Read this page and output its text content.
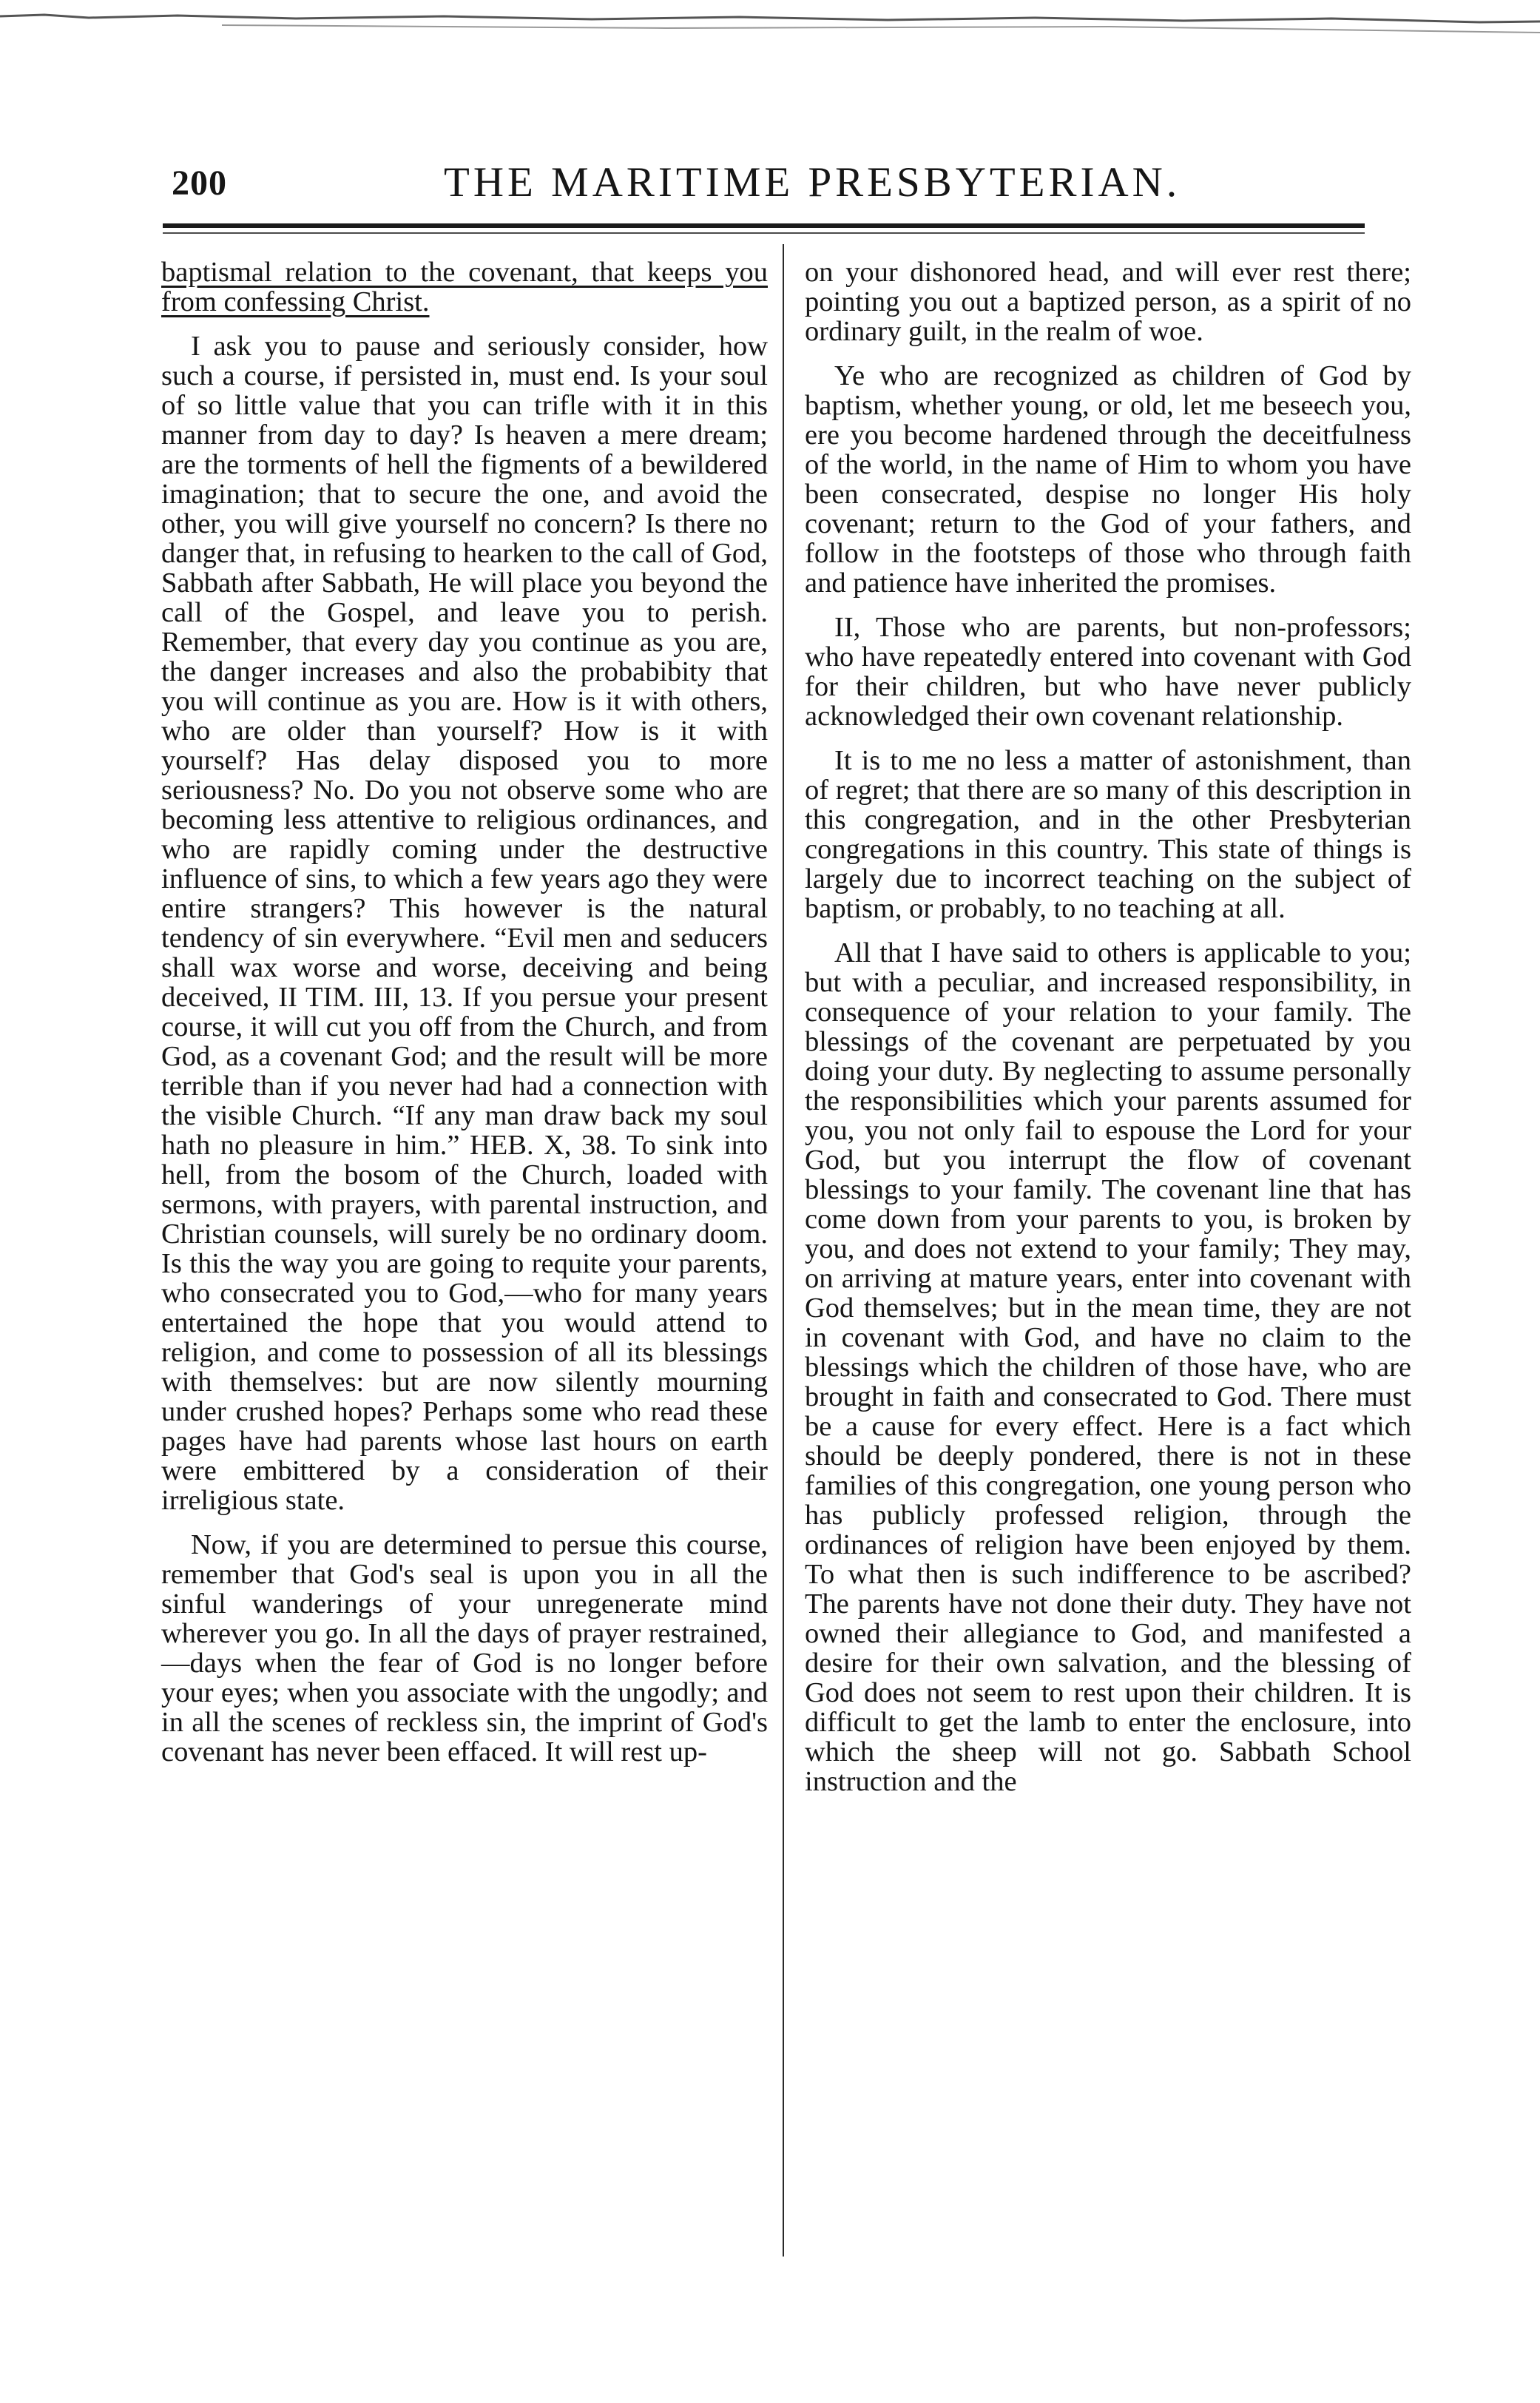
200	THE MARITIME PRESBYTERIAN.

baptismal relation to the covenant, that keeps you from confessing Christ.

I ask you to pause and seriously consider, how such a course, if persisted in, must end. Is your soul of so little value that you can trifle with it in this manner from day to day? Is heaven a mere dream; are the torments of hell the figments of a bewildered imagination; that to secure the one, and avoid the other, you will give yourself no concern? Is there no danger that, in refusing to hearken to the call of God, Sabbath after Sabbath, He will place you beyond the call of the Gospel, and leave you to perish. Remember, that every day you continue as you are, the danger increases and also the probabibity that you will continue as you are. How is it with others, who are older than yourself? How is it with yourself? Has delay disposed you to more seriousness? No. Do you not observe some who are becoming less attentive to religious ordinances, and who are rapidly coming under the destructive influence of sins, to which a few years ago they were entire strangers? This however is the natural tendency of sin everywhere. “Evil men and seducers shall wax worse and worse, deceiving and being deceived, II TIM. III, 13. If you persue your present course, it will cut you off from the Church, and from God, as a covenant God; and the result will be more terrible than if you never had had a connection with the visible Church. “If any man draw back my soul hath no pleasure in him.” HEB. X, 38. To sink into hell, from the bosom of the Church, loaded with sermons, with prayers, with parental instruction, and Christian counsels, will surely be no ordinary doom. Is this the way you are going to requite your parents, who consecrated you to God,—who for many years entertained the hope that you would attend to religion, and come to possession of all its blessings with themselves: but are now silently mourning under crushed hopes? Perhaps some who read these pages have had parents whose last hours on earth were embittered by a consideration of their irreligious state.

Now, if you are determined to persue this course, remember that God's seal is upon you in all the sinful wanderings of your unregenerate mind wherever you go. In all the days of prayer restrained, —days when the fear of God is no longer before your eyes; when you associate with the ungodly; and in all the scenes of reckless sin, the imprint of God's covenant has never been effaced. It will rest up-

on your dishonored head, and will ever rest there; pointing you out a baptized person, as a spirit of no ordinary guilt, in the realm of woe.

Ye who are recognized as children of God by baptism, whether young, or old, let me beseech you, ere you become hardened through the deceitfulness of the world, in the name of Him to whom you have been consecrated, despise no longer His holy covenant; return to the God of your fathers, and follow in the footsteps of those who through faith and patience have inherited the promises.

II, Those who are parents, but non-professors; who have repeatedly entered into covenant with God for their children, but who have never publicly acknowledged their own covenant relationship.

It is to me no less a matter of astonishment, than of regret; that there are so many of this description in this congregation, and in the other Presbyterian congregations in this country. This state of things is largely due to incorrect teaching on the subject of baptism, or probably, to no teaching at all.

All that I have said to others is applicable to you; but with a peculiar, and increased responsibility, in consequence of your relation to your family. The blessings of the covenant are perpetuated by you doing your duty. By neglecting to assume personally the responsibilities which your parents assumed for you, you not only fail to espouse the Lord for your God, but you interrupt the flow of covenant blessings to your family. The covenant line that has come down from your parents to you, is broken by you, and does not extend to your family; They may, on arriving at mature years, enter into covenant with God themselves; but in the mean time, they are not in covenant with God, and have no claim to the blessings which the children of those have, who are brought in faith and consecrated to God. There must be a cause for every effect. Here is a fact which should be deeply pondered, there is not in these families of this congregation, one young person who has publicly professed religion, through the ordinances of religion have been enjoyed by them. To what then is such indifference to be ascribed? The parents have not done their duty. They have not owned their allegiance to God, and manifested a desire for their own salvation, and the blessing of God does not seem to rest upon their children. It is difficult to get the lamb to enter the enclosure, into which the sheep will not go. Sabbath School instruction and the
